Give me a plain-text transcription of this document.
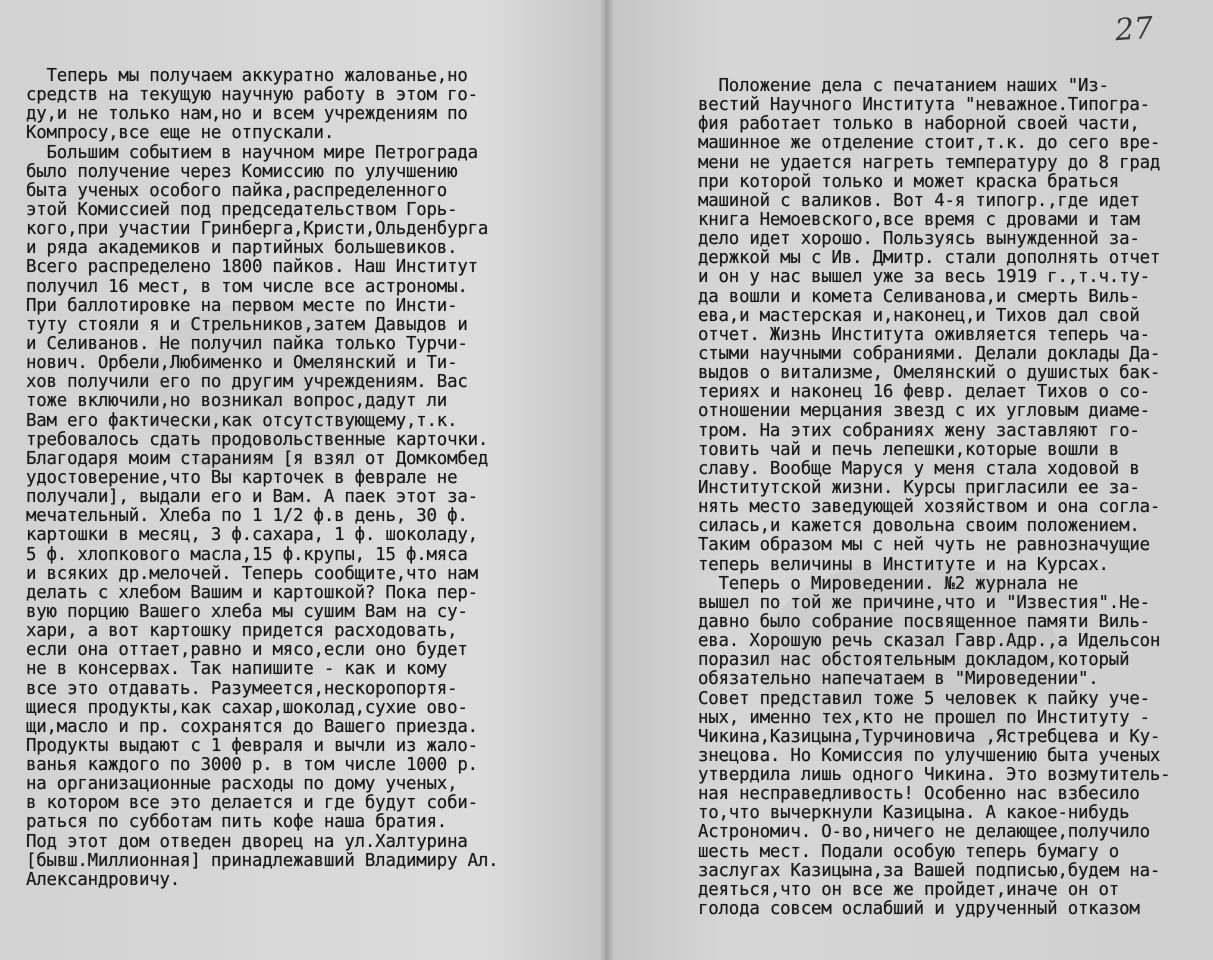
Теперь мы получаем аккуратно жалованье,но
средств на текущую научную работу в этом го-
ду,и не только нам,но и всем учреждениям по
Компросу,все еще не отпускали.
Большим событием в научном мире Петрограда
было получение через Комиссию по улучшению
быта ученых особого пайка,распределенного
этой Комиссией под председательством Горь-
кого,при участии Гринберга,Кристи,Ольденбурга
и ряда академиков и партийных большевиков.
Всего распределено 1800 пайков. Наш Институт
получил 16 мест, в том числе все астрономы.
При баллотировке на первом месте по Инсти-
туту стояли я и Стрельников,затем Давыдов и
и Селиванов. Не получил пайка только Турчи-
нович. Орбели,Любименко и Омелянский и Ти-
хов получили его по другим учреждениям. Вас
тоже включили,но возникал вопрос,дадут ли
Вам его фактически,как отсутствующему,т.к.
требовалось сдать продовольственные карточки.
Благодаря моим стараниям [я взял от Домкомбед
удостоверение,что Вы карточек в феврале не
получали], выдали его и Вам. А паек этот за-
мечательный. Хлеба по 1 1/2 ф.в день, 30 ф.
картошки в месяц, 3 ф.сахара, 1 ф. шоколаду,
5 ф. хлопкового масла,15 ф.крупы, 15 ф.мяса
и всяких др.мелочей. Теперь сообщите,что нам
делать с хлебом Вашим и картошкой? Пока пер-
вую порцию Вашего хлеба мы сушим Вам на су-
хари, а вот картошку придется расходовать,
если она оттает,равно и мясо,если оно будет
не в консервах. Так напишите - как и кому
все это отдавать. Разумеется,нескоропортя-
щиеся продукты,как сахар,шоколад,сухие ово-
щи,масло и пр. сохранятся до Вашего приезда.
Продукты выдают с 1 февраля и вычли из жало-
ванья каждого по 3000 р. в том числе 1000 р.
на организационные расходы по дому ученых,
в котором все это делается и где будут соби-
раться по субботам пить кофе наша братия.
Под этот дом отведен дворец на ул.Халтурина
[бывш.Миллионная] принадлежавший Владимиру Ал.
Александровичу.
Положение дела с печатанием наших "Из-
вестий Научного Института "неважное.Типогра-
фия работает только в наборной своей части,
машинное же отделение стоит,т.к. до сего вре-
мени не удается нагреть температуру до 8 град
при которой только и может краска браться
машиной с валиков. Вот 4-я типогр.,где идет
книга Немоевского,все время с дровами и там
дело идет хорошо. Пользуясь вынужденной за-
держкой мы с Ив. Дмитр. стали дополнять отчет
и он у нас вышел уже за весь 1919 г.,т.ч.ту-
да вошли и комета Селиванова,и смерть Виль-
ева,и мастерская и,наконец,и Тихов дал свой
отчет. Жизнь Института оживляется теперь ча-
стыми научными собраниями. Делали доклады Да-
выдов о витализме, Омелянский о душистых бак-
териях и наконец 16 февр. делает Тихов о со-
отношении мерцания звезд с их угловым диаме-
тром. На этих собраниях жену заставляют го-
товить чай и печь лепешки,которые вошли в
славу. Вообще Маруся у меня стала ходовой в
Институтской жизни. Курсы пригласили ее за-
нять место заведующей хозяйством и она согла-
силась,и кажется довольна своим положением.
Таким образом мы с ней чуть не равнозначущие
теперь величины в Институте и на Курсах.
Теперь о Мироведении. №2 журнала не
вышел по той же причине,что и "Известия".Не-
давно было собрание посвященное памяти Виль-
ева. Хорошую речь сказал Гавр.Адр.,а Идельсон
поразил нас обстоятельным докладом,который
обязательно напечатаем в "Мироведении".
Совет представил тоже 5 человек к пайку уче-
ных, именно тех,кто не прошел по Институту -
Чикина,Казицына,Турчиновича ,Ястребцева и Ку-
знецова. Но Комиссия по улучшению быта ученых
утвердила лишь одного Чикина. Это возмутитель-
ная несправедливость! Особенно нас взбесило
то,что вычеркнули Казицына. А какое-нибудь
Астрономич. О-во,ничего не делающее,получило
шесть мест. Подали особую теперь бумагу о
заслугах Казицына,за Вашей подписью,будем на-
деяться,что он все же пройдет,иначе он от
голода совсем ослабший и удрученный отказом
27
